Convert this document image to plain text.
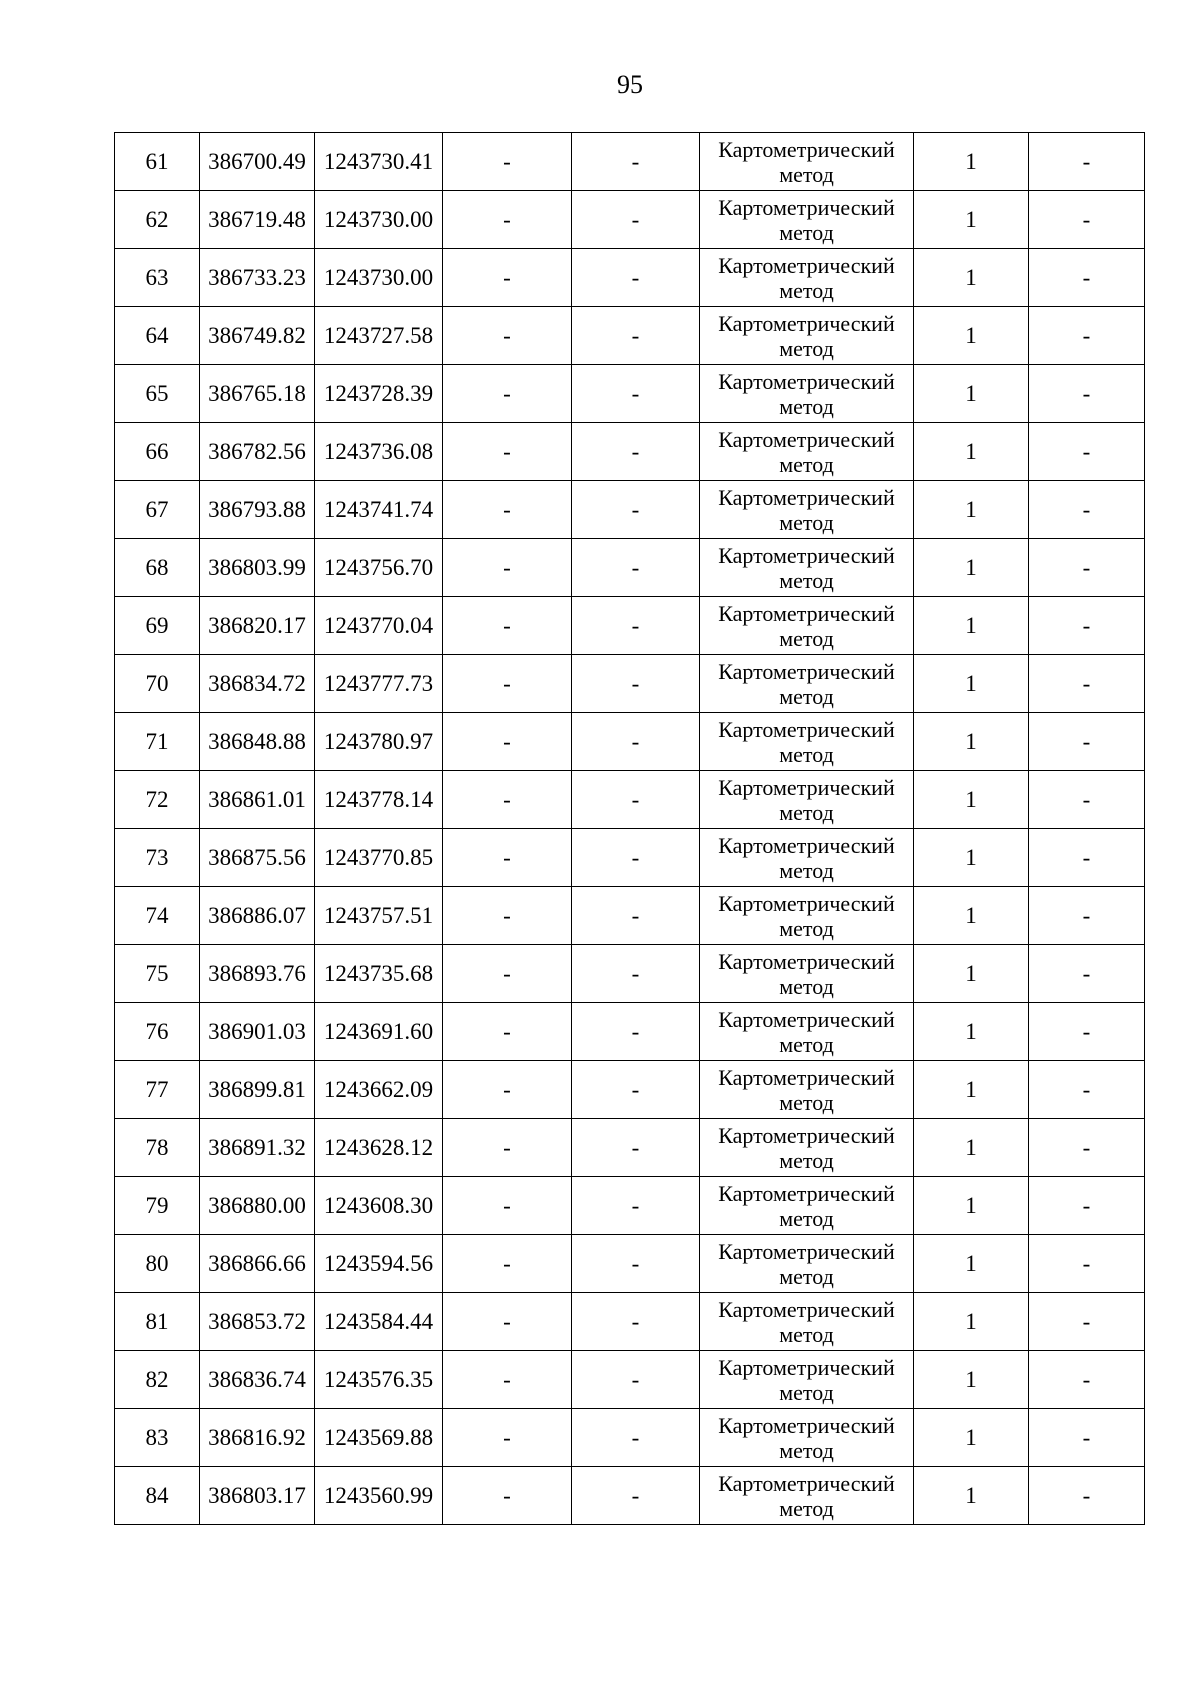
95
61	386700.49	1243730.41	-	-	Картометрический метод	1	-
62	386719.48	1243730.00	-	-	Картометрический метод	1	-
63	386733.23	1243730.00	-	-	Картометрический метод	1	-
64	386749.82	1243727.58	-	-	Картометрический метод	1	-
65	386765.18	1243728.39	-	-	Картометрический метод	1	-
66	386782.56	1243736.08	-	-	Картометрический метод	1	-
67	386793.88	1243741.74	-	-	Картометрический метод	1	-
68	386803.99	1243756.70	-	-	Картометрический метод	1	-
69	386820.17	1243770.04	-	-	Картометрический метод	1	-
70	386834.72	1243777.73	-	-	Картометрический метод	1	-
71	386848.88	1243780.97	-	-	Картометрический метод	1	-
72	386861.01	1243778.14	-	-	Картометрический метод	1	-
73	386875.56	1243770.85	-	-	Картометрический метод	1	-
74	386886.07	1243757.51	-	-	Картометрический метод	1	-
75	386893.76	1243735.68	-	-	Картометрический метод	1	-
76	386901.03	1243691.60	-	-	Картометрический метод	1	-
77	386899.81	1243662.09	-	-	Картометрический метод	1	-
78	386891.32	1243628.12	-	-	Картометрический метод	1	-
79	386880.00	1243608.30	-	-	Картометрический метод	1	-
80	386866.66	1243594.56	-	-	Картометрический метод	1	-
81	386853.72	1243584.44	-	-	Картометрический метод	1	-
82	386836.74	1243576.35	-	-	Картометрический метод	1	-
83	386816.92	1243569.88	-	-	Картометрический метод	1	-
84	386803.17	1243560.99	-	-	Картометрический метод	1	-
